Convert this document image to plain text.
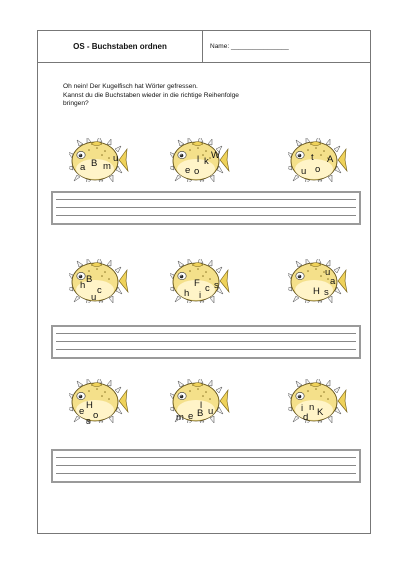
OS - Buchstaben ordnen	Name: ________________
Oh nein! Der Kugelfisch hat Wörter gefressen.
Kannst du die Buchstaben wieder in die richtige Reihenfolge
bringen?
a B m
u
e o
l k
W
u
t
o
A
h
B
c
u	h
F
i
c s	a
u
H s
H
e o
s	m e
l
B u	i n
d K
